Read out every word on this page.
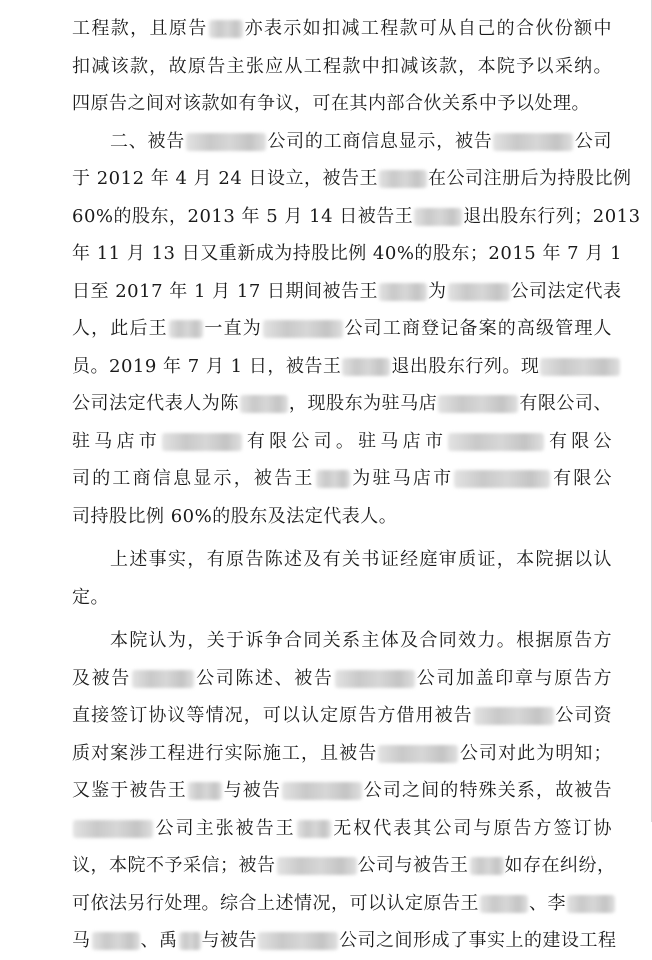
工程款，且原告 亦表示如扣减工程款可从自己的合伙份额中
扣减该款，故原告主张应从工程款中扣减该款，本院予以采纳。
四原告之间对该款如有争议，可在其内部合伙关系中予以处理。
二、被告	公司的工商信息显示，被告	公司
于 2012 年 4 月 24 日设立，被告王	在公司注册后为持股比例
60%的股东，2013 年 5 月 14 日被告王	退出股东行列；2013
年 11 月 13 日又重新成为持股比例 40%的股东；2015 年 7 月 1
日至 2017 年 1 月 17 日期间被告王	为	公司法定代表
人，此后王 一直为	公司工商登记备案的高级管理人
员。2019 年 7 月 1 日，被告王	退出股东行列。现
公司法定代表人为陈	，现股东为驻马店	有限公司、
驻马店市	有限公司。驻马店市	有限公
司的工商信息显示，被告王 为驻马店市	有限公
司持股比例 60%的股东及法定代表人。
上述事实，有原告陈述及有关书证经庭审质证，本院据以认
定。
本院认为，关于诉争合同关系主体及合同效力。根据原告方
及被告	公司陈述、被告	公司加盖印章与原告方
直接签订协议等情况，可以认定原告方借用被告	公司资
质对案涉工程进行实际施工，且被告	公司对此为明知；
又鉴于被告王 与被告	公司之间的特殊关系，故被告
公司主张被告王 无权代表其公司与原告方签订协
议，本院不予采信；被告	公司与被告王 如存在纠纷，
可依法另行处理。综合上述情况，可以认定原告王	、李
马	、禹 与被告	公司之间形成了事实上的建设工程
